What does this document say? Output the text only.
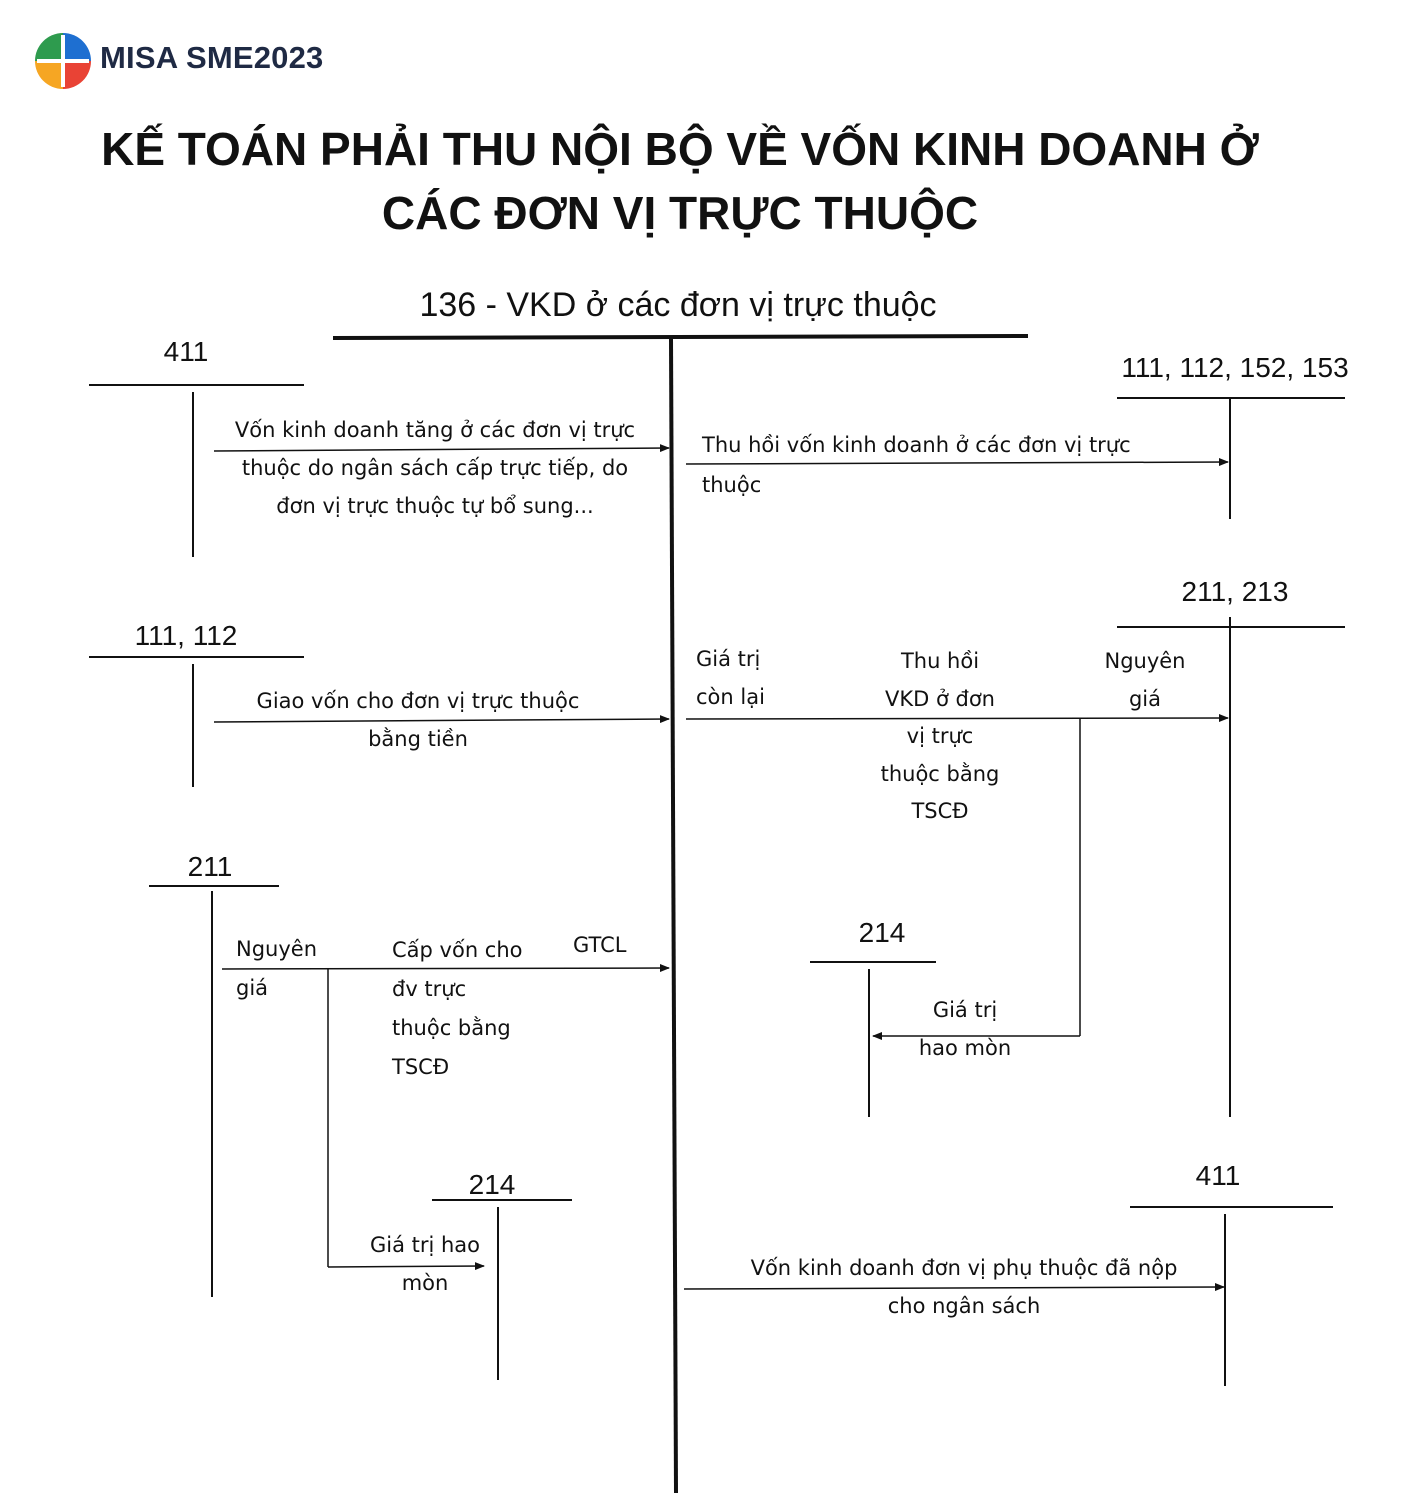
MISA SME2023
KẾ TOÁN PHẢI THU NỘI BỘ VỀ VỐN KINH DOANH Ở
CÁC ĐƠN VỊ TRỰC THUỘC
136 - VKD ở các đơn vị trực thuộc
411
111, 112
211
214
111, 112, 152, 153
211, 213
214
411
Vốn kinh doanh tăng ở các đơn vị trực
thuộc do ngân sách cấp trực tiếp, do
đơn vị trực thuộc tự bổ sung...
Giao vốn cho đơn vị trực thuộc
bằng tiền
Nguyên
giá
Cấp vốn cho
đv trực
thuộc bằng
TSCĐ
GTCL
Giá trị hao
mòn
Thu hồi vốn kinh doanh ở các đơn vị trực
thuộc
Giá trị
còn lại
Thu hồi
VKD ở đơn
vị trực
thuộc bằng
TSCĐ
Nguyên
giá
Giá trị
hao mòn
Vốn kinh doanh đơn vị phụ thuộc đã nộp
cho ngân sách
